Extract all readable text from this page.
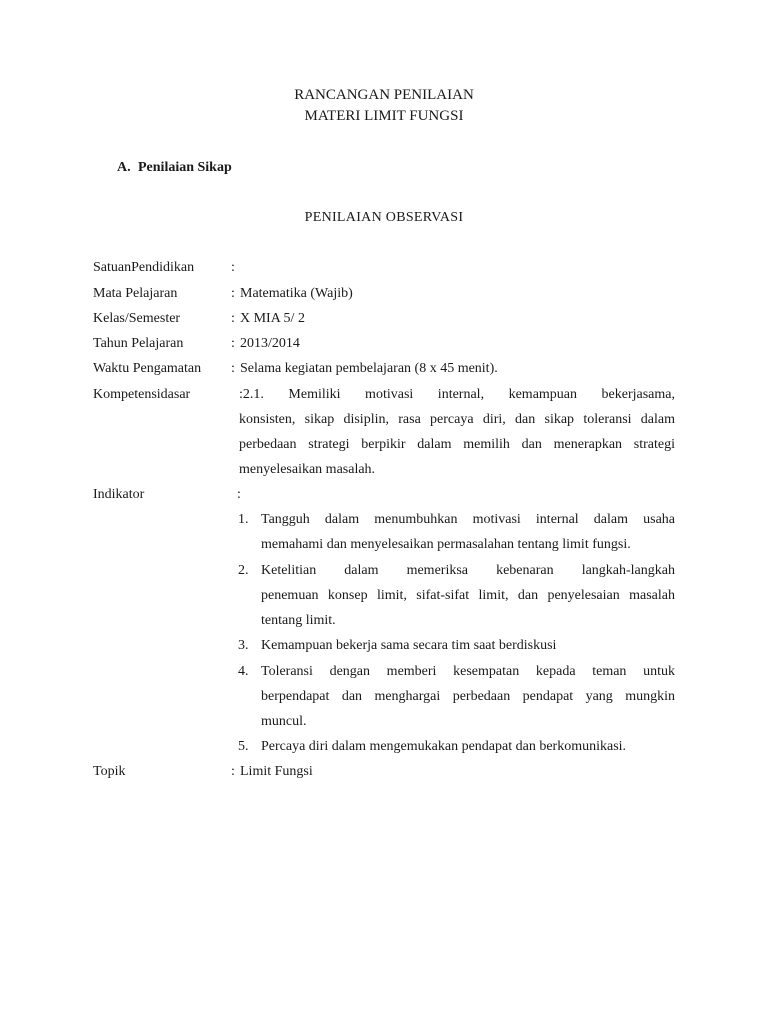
RANCANGAN PENILAIAN
MATERI LIMIT FUNGSI
A. Penilaian Sikap
PENILAIAN OBSERVASI
SatuanPendidikan	:
Mata Pelajaran	: Matematika (Wajib)
Kelas/Semester	: X MIA 5/ 2
Tahun Pelajaran	: 2013/2014
Waktu Pengamatan	: Selama kegiatan pembelajaran (8 x 45 menit).
Kompetensidasar	:2.1. Memiliki motivasi internal, kemampuan bekerjasama,
konsisten, sikap disiplin, rasa percaya diri, dan sikap toleransi dalam
perbedaan strategi berpikir dalam memilih dan menerapkan strategi
menyelesaikan masalah.
Indikator	:
1. Tangguh dalam menumbuhkan motivasi internal dalam usaha
memahami dan menyelesaikan permasalahan tentang limit fungsi.
2. Ketelitian dalam memeriksa kebenaran langkah-langkah
penemuan konsep limit, sifat-sifat limit, dan penyelesaian masalah
tentang limit.
3. Kemampuan bekerja sama secara tim saat berdiskusi
4. Toleransi dengan memberi kesempatan kepada teman untuk
berpendapat dan menghargai perbedaan pendapat yang mungkin
muncul.
5. Percaya diri dalam mengemukakan pendapat dan berkomunikasi.
Topik	: Limit Fungsi
